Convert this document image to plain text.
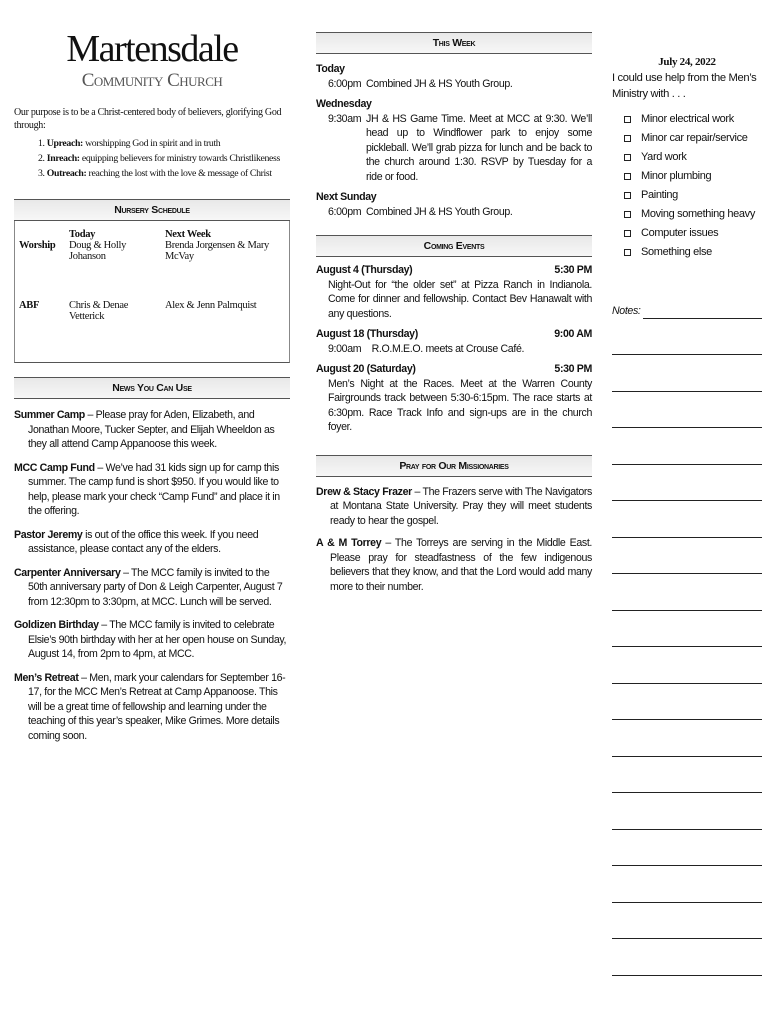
Martensdale
Community Church
Our purpose is to be a Christ-centered body of believers, glorifying God through:
1. Upreach: worshipping God in spirit and in truth
2. Inreach: equipping believers for ministry towards Christlikeness
3. Outreach: reaching the lost with the love & message of Christ
Nursery Schedule
	Today	Next Week
Worship	Doug & Holly Johanson	Brenda Jorgensen & Mary McVay
ABF	Chris & Denae Vetterick	Alex & Jenn Palmquist
News You Can Use
Summer Camp – Please pray for Aden, Elizabeth, and Jonathan Moore, Tucker Septer, and Elijah Wheeldon as they all attend Camp Appanoose this week.
MCC Camp Fund – We’ve had 31 kids sign up for camp this summer. The camp fund is short $950. If you would like to help, please mark your check “Camp Fund” and place it in the offering.
Pastor Jeremy is out of the office this week. If you need assistance, please contact any of the elders.
Carpenter Anniversary – The MCC family is invited to the 50th anniversary party of Don & Leigh Carpenter, August 7 from 12:30pm to 3:30pm, at MCC. Lunch will be served.
Goldizen Birthday – The MCC family is invited to celebrate Elsie’s 90th birthday with her at her open house on Sunday, August 14, from 2pm to 4pm, at MCC.
Men’s Retreat – Men, mark your calendars for September 16-17, for the MCC Men’s Retreat at Camp Appanoose. This will be a great time of fellowship and learning under the teaching of this year’s speaker, Mike Grimes. More details coming soon.
This Week
Today
6:00pm Combined JH & HS Youth Group.
Wednesday
9:30am JH & HS Game Time. Meet at MCC at 9:30. We’ll head up to Windflower park to enjoy some pickleball. We’ll grab pizza for lunch and be back to the church around 1:30. RSVP by Tuesday for a ride or food.
Next Sunday
6:00pm Combined JH & HS Youth Group.
Coming Events
August 4 (Thursday)	5:30 PM
Night-Out for “the older set” at Pizza Ranch in Indianola. Come for dinner and fellowship. Contact Bev Hanawalt with any questions.
August 18 (Thursday)	9:00 AM
9:00am    R.O.M.E.O. meets at Crouse Café.
August 20 (Saturday)	5:30 PM
Men’s Night at the Races. Meet at the Warren County Fairgrounds track between 5:30-6:15pm. The race starts at 6:30pm. Race Track Info and sign-ups are in the church foyer.
Pray for Our Missionaries
Drew & Stacy Frazer – The Frazers serve with The Navigators at Montana State University. Pray they will meet students ready to hear the gospel.
A & M Torrey – The Torreys are serving in the Middle East. Please pray for steadfastness of the few indigenous believers that they know, and that the Lord would add many more to their number.
July 24, 2022
I could use help from the Men’s Ministry with . . .
Minor electrical work
Minor car repair/service
Yard work
Minor plumbing
Painting
Moving something heavy
Computer issues
Something else
Notes:
